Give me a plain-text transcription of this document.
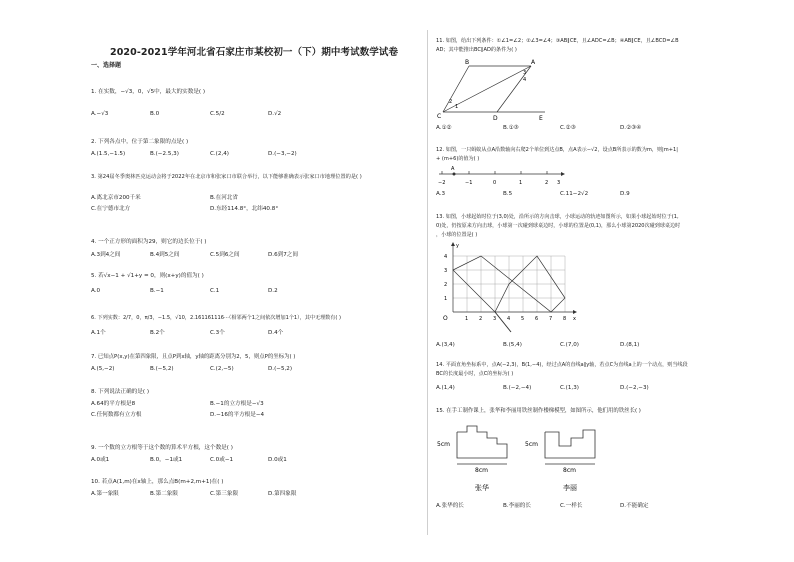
2020-2021学年河北省石家庄市某校初一（下）期中考试数学试卷
一、选择题
1. 在实数，−√3，0，√5中，最大的实数是( )
A.−√3	B.0	C.5/2	D.√2
2. 下列各点中，位于第二象限的点是( )
A.(1.5,−1.5)	B.(−2.5,3)	C.(2,4)	D.(−3,−2)
3. 第24届冬季奥林匹克运动会将于2022年在北京市和张家口市联合举行，以下能够准确表示张家口市地理位置的是( )
A.离北京市200千米	B.在河北省
C.在宁德市北方	D.东经114.8°，北纬40.8°
4. 一个正方形的面积为29，则它的边长位于( )
A.3到4之间	B.4到5之间	C.5到6之间	D.6到7之间
5. 若√x−1 + √1+y = 0，则(x+y)的值为( )
A.0	B.−1	C.1	D.2
6. 下列实数：2/7，0，π/3，−1.5，√10，2.161161116···（相邻两个1之间依次增加1个1），其中无理数有( )
A.1个	B.2个	C.3个	D.4个
7. 已知点P(x,y)在第四象限，且点P到x轴，y轴的距离分别为2，5，则点P的坐标为( )
A.(5,−2)	B.(−5,2)	C.(2,−5)	D.(−5,2)
8. 下列说法正确的是( )
A.64的平方根是8	B.−1的立方根是−√3
C.任何数都有立方根	D.−16的平方根是−4
9. 一个数的立方根等于这个数的算术平方根，这个数是( )
A.0或1	B.0，−1或1	C.0或−1	D.0或1
10. 若点A(1,m)在x轴上，那么点B(m+2,m+1)在( )
A.第一象限	B.第二象限	C.第三象限	D.第四象限
11. 如图，给出下列条件：①∠1=∠2；②∠3=∠4；③AB∥CE，且∠ADC=∠B；④AB∥CE，且∠BCD=∠B
AD；其中能推出BC∥AD的条件为( )
B	A
C	D	E
1
2
3
4
A.①②	B.①③	C.②③	D.②③④
12. 如图，一只蚂蚁从点A沿数轴向右爬2个单位到达点B，点A表示−√2，设点B所表示的数为m，则|m+1|
+ (m+6)的值为( )
−2
A
−1	0	1	2 3
A.3	B.5	C.11−2√2	D.9
13. 如图，小球起始时位于(3,0)处，沿所示的方向击球，小球运动的轨迹如图所示，如果小球起始时位于(1,
0)处，仍按原来方向击球，小球第一次碰到球桌边时，小球的位置是(0,1)，那么小球第2020次碰到球桌边时
，小球的位置是( )
4
3
2
1
O	1 2 3 4 5 6 7 8 x
y
A.(3,4)	B.(5,4)	C.(7,0)	D.(8,1)
14. 平面直角坐标系中，点A(−2,3)，B(1,−4)，经过点A的直线a∥y轴，若点C为直线a上的一个动点，则当线段
BC的长度最小时，点C的坐标为( )
A.(1,4)	B.(−2,−4)	C.(1,3)	D.(−2,−3)
15. 在手工制作课上，张华和李丽用铁丝制作楼梯模型，如图所示，他们用的铁丝长( )
5cm	5cm
8cm	8cm
张华	李丽
A.张华的长	B.李丽的长	C.一样长	D.不能确定
